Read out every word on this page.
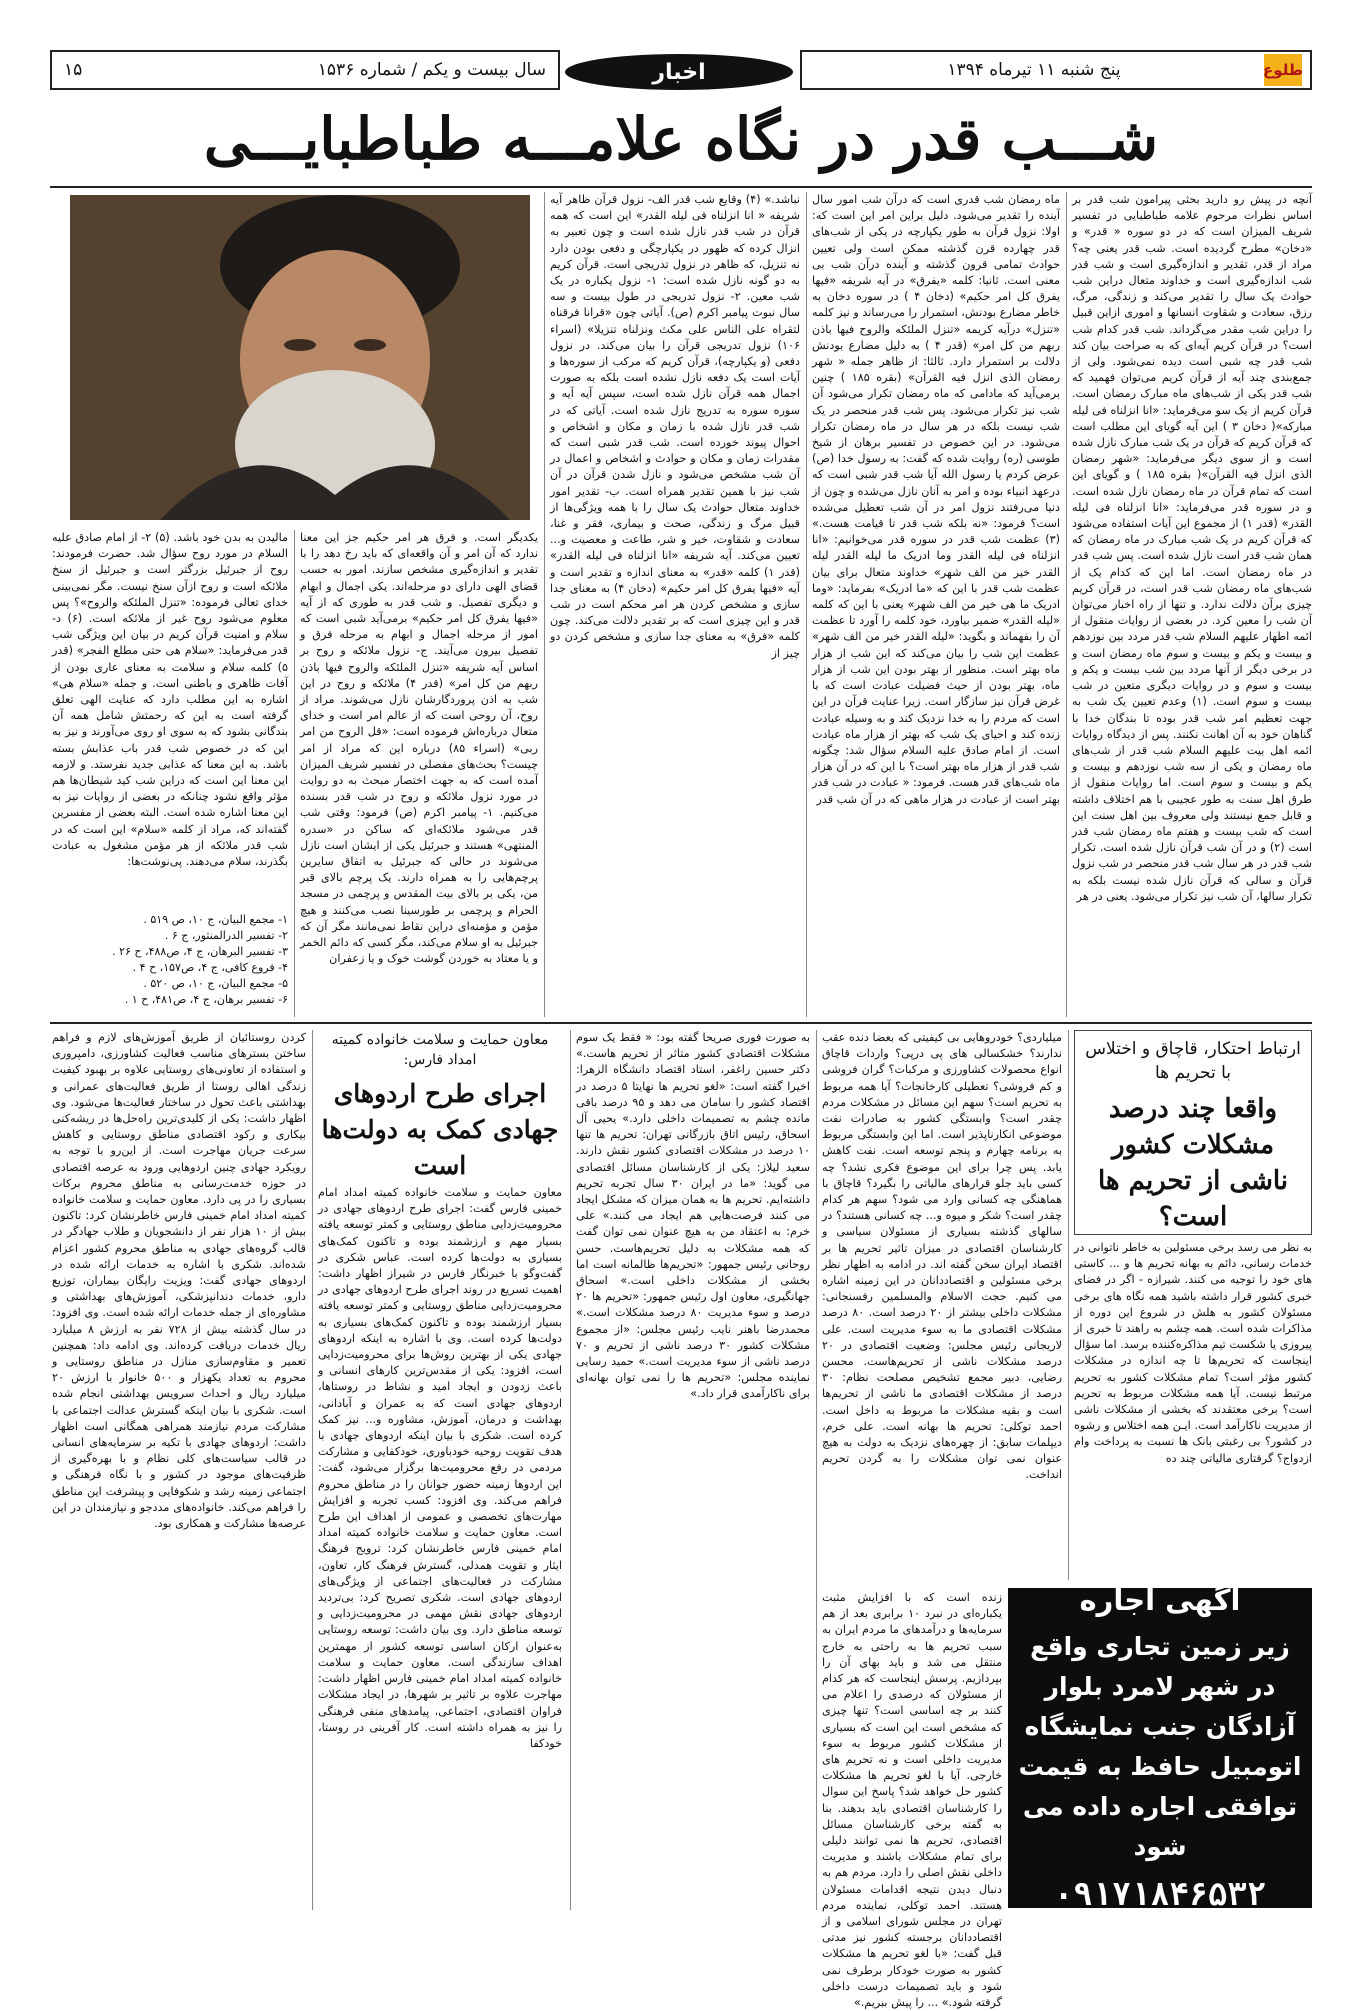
طلوع
پنج شنبه ۱۱ تیرماه ۱۳۹۴
اخبار
سال بیست و یکم / شماره ۱۵۳۶
۱۵
شـــب قدر در نگاه علامـــه طباطبایـــی
آنچه در پیش رو دارید بحثی پیرامون شب قدر بر اساس نظرات مرحوم علامه طباطبایی در تفسیر شریف المیزان است که در دو سوره « قدر» و «دخان» مطرح گردیده است. شب قدر یعنی چه؟ مراد از قدر، تقدیر و اندازه‌گیری است و شب قدر شب اندازه‌گیری است و خداوند متعال دراین شب حوادث یک سال را تقدیر می‌کند و زندگی، مرگ، رزق، سعادت و شقاوت انسانها و اموری ازاین قبیل را دراین شب مقدر می‌گرداند. شب قدر کدام شب است؟ در قرآن کریم آیه‌ای که به صراحت بیان کند شب قدر چه شبی است دیده نمی‌شود. ولی از جمع‌بندی چند آیه از قرآن کریم می‌توان فهمید که شب قدر یکی از شب‌های ماه مبارک رمضان است. قرآن کریم از یک سو می‌فرماید: «انا انزلناه فی لیله مبارکه»( دخان ۳ ) این آیه گویای این مطلب است که قرآن کریم که قرآن در یک شب مبارک نازل شده است و از سوی دیگر می‌فرماید: «شهر رمضان الذی انزل فیه القرآن»( بقره ۱۸۵ ) و گویای این است که تمام قرآن در ماه رمضان نازل شده است. و در سوره قدر می‌فرماید: «انا انزلناه فی لیله القدر» (قدر ۱) از مجموع این آیات استفاده می‌شود که قرآن کریم در یک شب مبارک در ماه رمضان که همان شب قدر است نازل شده است. پس شب قدر در ماه رمضان است. اما این که کدام یک از شب‌های ماه رمضان شب قدر است، در قرآن کریم چیزی برآن دلالت ندارد. و تنها از راه اخبار می‌توان آن شب را معین کرد. در بعضی از روایات منقول از ائمه اطهار علیهم السلام شب قدر مردد بین نوزدهم و بیست و یکم و بیست و سوم ماه رمضان است و در برخی دیگر از آنها مردد بین شب بیست و یکم و بیست و سوم و در روایات دیگری متعین در شب بیست و سوم است. (۱) وعدم تعیین یک شب به جهت تعظیم امر شب قدر بوده تا بندگان خدا با گناهان خود به آن اهانت نکنند. پس از دیدگاه روایات ائمه اهل بیت علیهم السلام شب قدر از شب‌های ماه رمضان و یکی از سه شب نوزدهم و بیست و یکم و بیست و سوم است. اما روایات منقول از طرق اهل سنت به طور عجیبی با هم اختلاف داشته و قابل جمع نیستند ولی معروف بین اهل سنت این است که شب بیست و هفتم ماه رمضان شب قدر است (۲) و در آن شب قرآن نازل شده است. تکرار شب قدر در هر سال شب قدر منحصر در شب نزول قرآن و سالی که قرآن نازل شده نیست بلکه به تکرار سالها، آن شب نیز تکرار می‌شود. یعنی در هر
ماه رمضان شب قدری است که درآن شب امور سال آینده را تقدیر می‌شود. دلیل براین امر این است که: اولا: نزول قرآن به طور یکپارچه در یکی از شب‌های قدر چهارده قرن گذشته ممکن است ولی تعیین حوادث تمامی قرون گذشته و آینده درآن شب بی معنی است. ثانیا: کلمه «یفرق» در آیه شریفه «فیها یفرق کل امر حکیم» (دخان ۴ ) در سوره دخان به خاطر مضارع بودنش، استمرار را می‌رساند و نیز کلمه «تنزل» درآیه کریمه «تنزل الملئکه والروح فیها باذن ربهم من کل امر» (قدر ۴ ) به دلیل مضارع بودنش دلالت بر استمرار دارد. ثالثا: از ظاهر جمله « شهر رمضان الذی انزل فیه القرآن» (بقره ۱۸۵ ) چنین برمی‌آید که مادامی که ماه رمضان تکرار می‌شود آن شب نیز تکرار می‌شود. پس شب قدر منحصر در یک شب نیست بلکه در هر سال در ماه رمضان تکرار می‌شود. در این خصوص در تفسیر برهان از شیخ طوسی (ره) روایت شده که گفت: به رسول خدا (ص) عرض کردم یا رسول الله آیا شب قدر شبی است که درعهد انبیاء بوده و امر به آنان نازل می‌شده و چون از دنیا می‌رفتند نزول امر در آن شب تعطیل می‌شده است؟ فرمود: «نه بلکه شب قدر تا قیامت هست.» (۳) عظمت شب قدر در سوره قدر می‌خوانیم: «انا انزلناه فی لیله القدر وما ادریک ما لیله القدر لیله القدر خیر من الف شهر» خداوند متعال برای بیان عظمت شب قدر با این که «ما ادریک» بفرماید: «وما ادریک ما هی خیر من الف شهر» یعنی با این که کلمه «لیله القدر» ضمیر بیاورد، خود کلمه را آورد تا عظمت آن را بفهماند و بگوید: «لیله القدر خیر من الف شهر» عظمت این شب را بیان می‌کند که این شب از هزار ماه بهتر است. منظور از بهتر بودن این شب از هزار ماه، بهتر بودن از حیث فضیلت عبادت است که با غرض قرآن نیز سازگار است. زیرا عنایت قرآن در این است که مردم را به خدا نزدیک کند و به وسیله عبادت زنده کند و احیای یک شب که بهتر از هزار ماه عبادت است. از امام صادق علیه السلام سؤال شد: چگونه شب قدر از هزار ماه بهتر است؟ با این که در آن هزار ماه شب‌های قدر هست. فرمود: « عبادت در شب قدر بهتر است از عبادت در هزار ماهی که در آن شب قدر
نباشد.» (۴) وقایع شب قدر الف- نزول قرآن ظاهر آیه شریفه « انا انزلناه فی لیله القدر» این است که همه قرآن در شب قدر نازل شده است و چون تعبیر به انزال کرده که ظهور در یکپارچگی و دفعی بودن دارد نه تنزیل، که ظاهر در نزول تدریجی است. قرآن کریم به دو گونه نازل شده است: ۱- نزول یکباره در یک شب معین. ۲- نزول تدریجی در طول بیست و سه سال نبوت پیامبر اکرم (ص). آیاتی چون «قرانا فرقناه لتقراه علی الناس علی مکث ونزلناه تنزیلا» (اسراء ۱۰۶) نزول تدریجی قرآن را بیان می‌کند. در نزول دفعی (و یکپارچه)، قرآن کریم که مرکب از سوره‌ها و آیات است یک دفعه نازل نشده است بلکه به صورت اجمال همه قرآن نازل شده است، سپس آیه آیه و سوره سوره به تدریج نازل شده است. آیاتی که در شب قدر نازل شده با زمان و مکان و اشخاص و احوال پیوند خورده است. شب قدر شبی است که مقدرات زمان و مکان و حوادث و اشخاص و اعمال در آن شب مشخص می‌شود و نازل شدن قرآن در آن شب نیز با همین تقدیر همراه است. ب- تقدیر امور خداوند متعال حوادث یک سال را با همه ویژگی‌ها از قبیل مرگ و زندگی، صحت و بیماری، فقر و غنا، سعادت و شقاوت، خیر و شر، طاعت و معصیت و... تعیین می‌کند. آیه شریفه «انا انزلناه فی لیله القدر» (قدر ۱) کلمه «قدر» به معنای اندازه و تقدیر است و آیه «فیها یفرق کل امر حکیم» (دخان ۴) به معنای جدا سازی و مشخص کردن هر امر محکم است در شب قدر و این چیزی است که بر تقدیر دلالت می‌کند. چون کلمه «فرق» به معنای جدا سازی و مشخص کردن دو چیز از
یکدیگر است. و فرق هر امر حکیم جز این معنا ندارد که آن امر و آن واقعه‌ای که باید رخ دهد را با تقدیر و اندازه‌گیری مشخص سازند. امور به حسب قضای الهی دارای دو مرحله‌اند. یکی اجمال و ابهام و دیگری تفصیل. و شب قدر به طوری که از آیه «فیها یفرق کل امر حکیم» برمی‌آید شبی است که امور از مرحله اجمال و ابهام به مرحله فرق و تفصیل بیرون می‌آیند. ج- نزول ملائکه و روح بر اساس آیه شریفه «تنزل الملئکه والروح فیها باذن ربهم من کل امر» (قدر ۴) ملائکه و روح در این شب به اذن پروردگارشان نازل می‌شوند. مراد از روح، آن روحی است که از عالم امر است و خدای متعال درباره‌اش فرموده است: «قل الروح من امر ربی» (اسراء ۸۵) درباره این که مراد از امر چیست؟ بحث‌های مفصلی در تفسیر شریف المیزان آمده است که به جهت اختصار مبحث به دو روایت در مورد نزول ملائکه و روح در شب قدر بسنده می‌کنیم. ۱- پیامبر اکرم (ص) فرمود: وقتی شب قدر می‌شود ملائکه‌ای که ساکن در «سدره المنتهی» هستند و جبرئیل یکی از ایشان است نازل می‌شوند در حالی که جبرئیل به اتفاق سایرین پرچم‌هایی را به همراه دارند. یک پرچم بالای قبر من، یکی بر بالای بیت المقدس و پرچمی در مسجد الحرام و پرچمی بر طورسینا نصب می‌کنند و هیچ مؤمن و مؤمنه‌ای دراین نقاط نمی‌مانند مگر آن که جبرئیل به او سلام می‌کند، مگر کسی که دائم الخمر و یا معتاد به خوردن گوشت خوک و یا زعفران
مالیدن به بدن خود باشد. (۵) ۲- از امام صادق علیه السلام در مورد روح سؤال شد. حضرت فرمودند: روح از جبرئیل بزرگتر است و جبرئیل از سنخ ملائکه است و روح ازآن سنخ نیست. مگر نمی‌بینی خدای تعالی فرموده: «تنزل الملئکه والروح»؟ پس معلوم می‌شود روح غیر از ملائکه است. (۶) د- سلام و امنیت قرآن کریم در بیان این ویژگی شب قدر می‌فرماید: «سلام هی حتی مطلع الفجر» (قدر ۵) کلمه سلام و سلامت به معنای عاری بودن از آفات ظاهری و باطنی است. و جمله «سلام هی» اشاره به این مطلب دارد که عنایت الهی تعلق گرفته است به این که رحمتش شامل همه آن بندگانی بشود که به سوی او روی می‌آورند و نیز به این که در خصوص شب قدر باب عذابش بسته باشد. به این معنا که عذابی جدید نفرستد. و لازمه این معنا این است که دراین شب کید شیطان‌ها هم مؤثر واقع نشود چنانکه در بعضی از روایات نیز به این معنا اشاره شده است. البته بعضی از مفسرین گفته‌اند که، مراد از کلمه «سلام» این است که در شب قدر ملائکه از هر مؤمن مشغول به عبادت بگذرند، سلام می‌دهند. پی‌نوشت‌ها:
۱- مجمع البیان، ج ۱۰، ص ۵۱۹ .
۲- تفسیر الدرالمنثور، ج ۶ .
۳- تفسیر البرهان، ج ۴، ص۴۸۸، ح ۲۶ .
۴- فروع کافی، ج ۴، ص۱۵۷، ح ۴ .
۵- مجمع البیان، ج ۱۰، ص ۵۲۰ .
۶- تفسیر برهان، ج ۴، ص۴۸۱، ح ۱ .
ارتباط احتکار، قاچاق و اختلاس با تحریم ها
واقعا چند درصد مشکلات کشور ناشی از تحریم ها است؟
به نظر می رسد برخی مسئولین به خاطر ناتوانی در خدمات رسانی، دائم به بهانه تحریم ها و ... کاستی های خود را توجیه می کنند. شیرازه - اگر در فضای خبری کشور قرار داشته باشید همه نگاه های برخی مسئولان کشور به هلش در شروع این دوره از مذاکرات شده است. همه چشم به راهند تا خبری از پیروزی یا شکست تیم مذاکره‌کننده برسد. اما سؤال اینجاست که تحریم‌ها تا چه اندازه در مشکلات کشور مؤثر است؟ تمام مشکلات کشور به تحریم مرتبط نیست. آیا همه مشکلات مربوط به تحریم است؟ برخی معتقدند که بخشی از مشکلات ناشی از مدیریت ناکارآمد است. ایـن همه اختلاس و رشوه در کشور؟ بی رغبتی بانک ها نسبت به پرداخت وام ازدواج؟ گرفتاری مالیاتی چند ده
میلیاردی؟ خودروهایی بی کیفیتی که بعضا دنده عقب ندارند؟ خشکسالی های پی درپی؟ واردات قاچاق انواع محصولات کشاورزی و مرکبات؟ گران فروشی و کم فروشی؟ تعطیلی کارخانجات؟ آیا همه مربوط به تحریم است؟ سهم این مسائل در مشکلات مردم چقدر است؟ وابستگی کشور به صادرات نفت موضوعی انکارناپذیر است. اما این وابستگی مربوط به برنامه چهارم و پنجم توسعه است. نفت کاهش یابد. پس چرا برای این موضوع فکری نشد؟ چه کسی باید جلو قرارهای مالیاتی را بگیرد؟ قاچاق با هماهنگی چه کسانی وارد می شود؟ سهم هر کدام چقدر است؟ شکر و میوه و... چه کسانی هستند؟ در سالهای گذشته بسیاری از مسئولان سیاسی و کارشناسان اقتصادی در میزان تاثیر تحریم ها بر اقتصاد ایران سخن گفته اند. در ادامه به اظهار نظر برخی مسئولین و اقتصاددانان در این زمینه اشاره می کنیم. حجت الاسلام والمسلمین رفسنجانی: مشکلات داخلی بیشتر از ۲۰ درصد است. ۸۰ درصد مشکلات اقتصادی ما به سوء مدیریت است. علی لاریجانی رئیس مجلس: وضعیت اقتصادی در ۲۰ درصد مشکلات ناشی از تحریم‌هاست. محسن رضایی، دبیر مجمع تشخیص مصلحت نظام: ۳۰ درصد از مشکلات اقتصادی ما ناشی از تحریم‌ها است و بقیه مشکلات ما مربوط به داخل است. احمد توکلی: تحریم ها بهانه است. علی خرم، دیپلمات سابق: از چهره‌های نزدیک به دولت به هیچ عنوان نمی توان مشکلات را به گردن تحریم انداخت.
به صورت فوری صریحا گفته بود: « فقط یک سوم مشکلات اقتصادی کشور متاثر از تحریم هاست.» دکتر حسین راغفر، استاد اقتصاد دانشگاه الزهرا: اخیرا گفته است: «لغو تحریم ها نهایتا ۵ درصد در اقتصاد کشور را سامان می دهد و ۹۵ درصد باقی مانده چشم به تصمیمات داخلی دارد.» یحیی آل اسحاق، رئیس اتاق بازرگانی تهران: تحریم ها تنها ۱۰ درصد در مشکلات اقتصادی کشور نقش دارند. سعید لیلاز: یکی از کارشناسان مسائل اقتصادی می گوید: «ما در ایران ۳۰ سال تجربه تحریم داشته‌ایم. تحریم ها به همان میزان که مشکل ایجاد می کنند فرصت‌هایی هم ایجاد می کنند.» علی خرم: به اعتقاد من به هیچ عنوان نمی توان گفت که همه مشکلات به دلیل تحریم‌هاست. حسن روحانی رئیس جمهور: «تحریم‌ها ظالمانه است اما بخشی از مشکلات داخلی است.» اسحاق جهانگیری، معاون اول رئیس جمهور: «تحریم ها ۲۰ درصد و سوء مدیریت ۸۰ درصد مشکلات است.» محمدرضا باهنر نایب رئیس مجلس: «از مجموع مشکلات کشور ۳۰ درصد ناشی از تحریم و ۷۰ درصد ناشی از سوء مدیریت است.» حمید رسایی نماینده مجلس: «تحریم ها را نمی توان بهانه‌ای برای ناکارآمدی قرار داد.»
زنده است که با افزایش مثبت یکباره‌ای در نبرد ۱۰ برابری بعد از هم سرمایه‌ها و درآمدهای ما مردم ایران به سبب تحریم ها به راحتی به خارج منتقل می شد و باید بهای آن را بپردازیم. پرسش اینجاست که هر کدام از مسئولان که درصدی را اعلام می کنند بر چه اساسی است؟ تنها چیزی که مشخص است این است که بسیاری از مشکلات کشور مربوط به سوء مدیریت داخلی است و نه تحریم های خارجی. آیا با لغو تحریم ها مشکلات کشور حل خواهد شد؟ پاسخ این سوال را کارشناسان اقتصادی باید بدهند. بنا به گفته برخی کارشناسان مسائل اقتصادی، تحریم ها نمی توانند دلیلی برای تمام مشکلات باشند و مدیریت داخلی نقش اصلی را دارد. مردم هم به دنبال دیدن نتیجه اقدامات مسئولان هستند. احمد توکلی، نماینده مردم تهران در مجلس شورای اسلامی و از اقتصاددانان برجسته کشور نیز مدتی قبل گفت: «با لغو تحریم ها مشکلات کشور به صورت خودکار برطرف نمی شود و باید تصمیمات درست داخلی گرفته شود.» ... را پیش ببریم.»
معاون حمایت و سلامت خانواده کمیته امداد فارس:
اجرای طرح اردوهای جهادی کمک به دولت‌ها است
معاون حمایت و سلامت خانواده کمیته امداد امام خمینی فارس گفت: اجرای طرح اردوهای جهادی در محرومیت‌زدایی مناطق روستایی و کمتر توسعه یافته بسیار مهم و ارزشمند بوده و تاکنون کمک‌های بسیاری به دولت‌ها کرده است. عباس شکری در گفت‌وگو با خبرنگار فارس در شیراز اظهار داشت: اهمیت تسریع در روند اجرای طرح اردوهای جهادی در محرومیت‌زدایی مناطق روستایی و کمتر توسعه یافته بسیار ارزشمند بوده و تاکنون کمک‌های بسیاری به دولت‌ها کرده است. وی با اشاره به اینکه اردوهای جهادی یکی از بهترین روش‌ها برای محرومیت‌زدایی است، افزود: یکی از مقدس‌ترین کارهای انسانی و باعث زدودن و ایجاد امید و نشاط در روستاها، اردوهای جهادی است که به عمران و آبادانی، بهداشت و درمان، آموزش، مشاوره و... نیز کمک کرده است. شکری با بیان اینکه اردوهای جهادی با هدف تقویت روحیه خودباوری، خودکفایی و مشارکت مردمی در رفع محرومیت‌ها برگزار می‌شود، گفت: این اردوها زمینه حضور جوانان را در مناطق محروم فراهم می‌کند. وی افزود: کسب تجربه و افزایش مهارت‌های تخصصی و عمومی از اهداف این طرح است. معاون حمایت و سلامت خانواده کمیته امداد امام خمینی فارس خاطرنشان کرد: ترویج فرهنگ ایثار و تقویت همدلی، گسترش فرهنگ کار، تعاون، مشارکت در فعالیت‌های اجتماعی از ویژگی‌های اردوهای جهادی است. شکری تصریح کرد: بی‌تردید اردوهای جهادی نقش مهمی در محرومیت‌زدایی و توسعه مناطق دارد. وی بیان داشت: توسعه روستایی به‌عنوان ارکان اساسی توسعه کشور از مهمترین اهداف سازندگی است. معاون حمایت و سلامت خانواده کمیته امداد امام خمینی فارس اظهار داشت: مهاجرت علاوه بر تاثیر بر شهرها، در ایجاد مشکلات فراوان اقتصادی، اجتماعی، پیامدهای منفی فرهنگی را نیز به همراه داشته است. کار آفرینی در روستا، خودکفا
کردن روستائیان از طریق آموزش‌های لازم و فراهم ساختن بسترهای مناسب فعالیت کشاورزی، دامپروری و استفاده از تعاونی‌های روستایی علاوه بر بهبود کیفیت زندگی اهالی روستا از طریق فعالیت‌های عمرانی و بهداشتی باعث تحول در ساختار فعالیت‌ها می‌شود. وی اظهار داشت: یکی از کلیدی‌ترین راه‌حل‌ها در ریشه‌کنی بیکاری و رکود اقتصادی مناطق روستایی و کاهش سرعت جریان مهاجرت است. از این‌رو با توجه به رویکرد جهادی چنین اردوهایی ورود به عرصه اقتصادی در حوزه خدمت‌رسانی به مناطق محروم برکات بسیاری را در پی دارد. معاون حمایت و سلامت خانواده کمیته امداد امام خمینی فارس خاطرنشان کرد: تاکنون بیش از ۱۰ هزار نفر از دانشجویان و طلاب جهادگر در قالب گروه‌های جهادی به مناطق محروم کشور اعزام شده‌اند. شکری با اشاره به خدمات ارائه شده در اردوهای جهادی گفت: ویزیت رایگان بیماران، توزیع دارو، خدمات دندانپزشکی، آموزش‌های بهداشتی و مشاوره‌ای از جمله خدمات ارائه شده است. وی افزود: در سال گذشته بیش از ۷۲۸ نفر به ارزش ۸ میلیارد ریال خدمات دریافت کرده‌اند. وی ادامه داد: همچنین تعمیر و مقاوم‌سازی منازل در مناطق روستایی و محروم به تعداد یکهزار و ۵۰۰ خانوار با ارزش ۲۰ میلیارد ریال و احداث سرویس بهداشتی انجام شده است. شکری با بیان اینکه گسترش عدالت اجتماعی با مشارکت مردم نیازمند همراهی همگانی است اظهار داشت: اردوهای جهادی با تکیه بر سرمایه‌های انسانی در قالب سیاست‌های کلی نظام و با بهره‌گیری از ظرفیت‌های موجود در کشور و با نگاه فرهنگی و اجتماعی زمینه رشد و شکوفایی و پیشرفت این مناطق را فراهم می‌کند. خانواده‌های مددجو و نیازمندان در این عرصه‌ها مشارکت و همکاری بود.
آگهی اجاره
زیر زمین تجاری واقع در شهر لامرد بلوار آزادگان جنب نمایشگاه اتومبیل حافظ به قیمت توافقی اجاره داده می شود
۰۹۱۷۱۸۴۶۵۳۲
